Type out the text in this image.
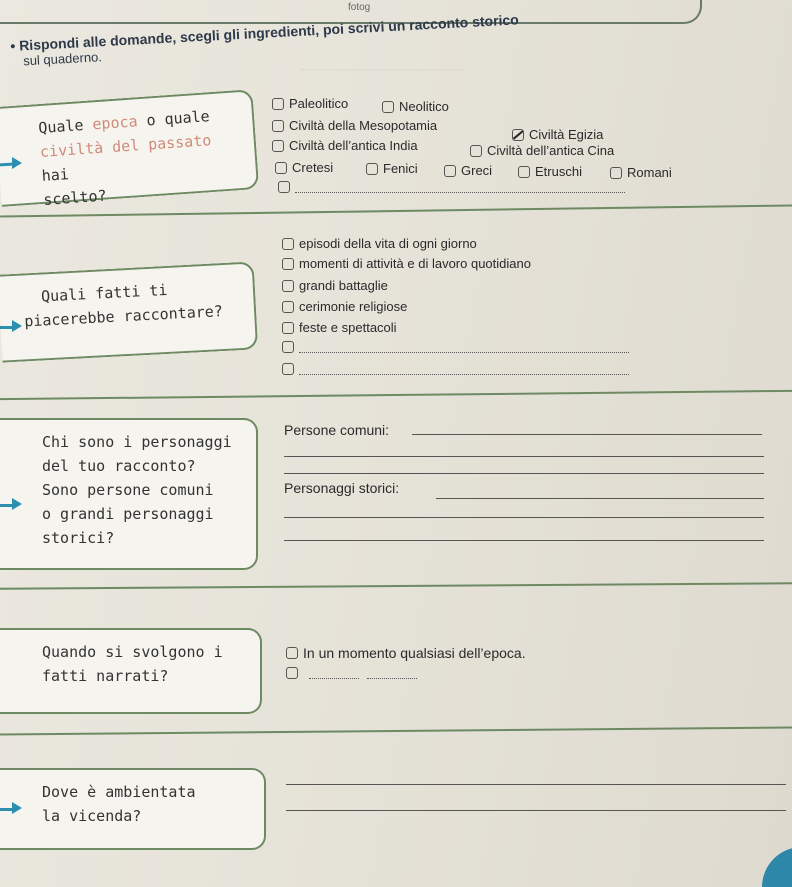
~~~~~~~~~~~~~~~~~~~~
fotog
• Rispondi alle domande, scegli gli ingredienti, poi scrivi un racconto storico
sul quaderno.
Quale epoca o quale
civiltà del passato hai
scelto?
Paleolitico	Neolitico
Civiltà della Mesopotamia
Civiltà Egizia
Civiltà dell’antica India	Civiltà dell’antica Cina
Cretesi	Fenici	Greci	Etruschi	Romani
Quali fatti ti
piacerebbe raccontare?
episodi della vita di ogni giorno
momenti di attività e di lavoro quotidiano
grandi battaglie
cerimonie religiose
feste e spettacoli
Chi sono i personaggi
del tuo racconto?
Sono persone comuni
o grandi personaggi
storici?
Persone comuni:
Personaggi storici:
Quando si svolgono i
fatti narrati?
In un momento qualsiasi dell’epoca.
Dove è ambientata
la vicenda?
